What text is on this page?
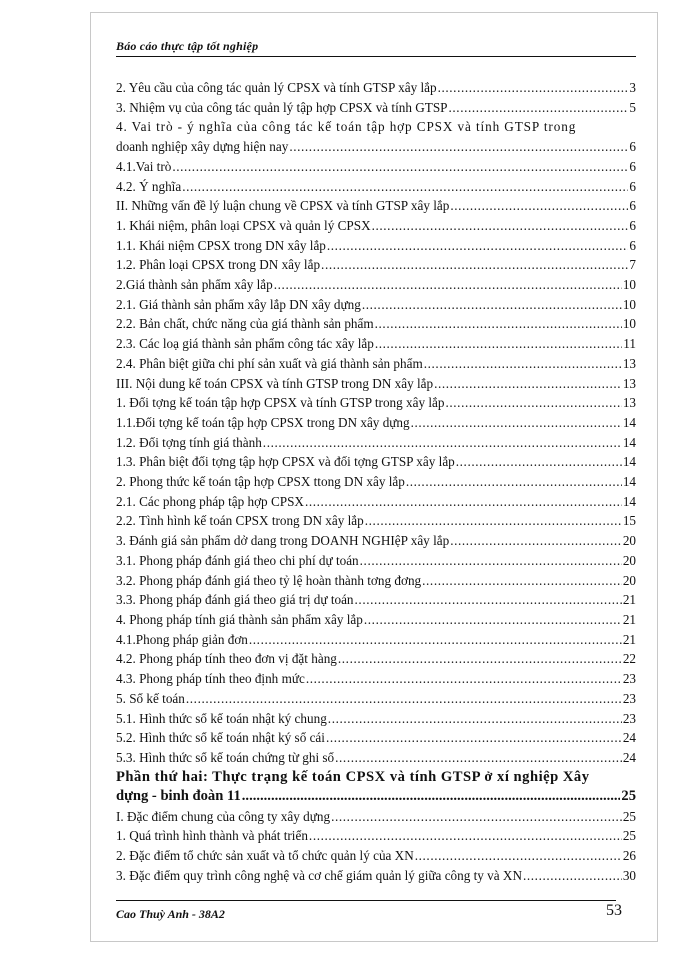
Báo cáo thực tập tốt nghiệp
2. Yêu cầu của công tác quản lý CPSX và tính GTSP xây lắp .....	3
3. Nhiệm vụ của công tác quản lý tập hợp CPSX và tính GTSP .....	5
4. Vai trò - ý nghĩa của công tác kế toán tập hợp CPSX và tính GTSP trong
doanh nghiệp xây dựng hiện nay .....	6
4.1.Vai trò .....	6
4.2. Ý nghĩa .....	6
II. Những vấn đề lý luận chung về CPSX và tính GTSP xây lắp .....	6
1. Khái niệm, phân loại CPSX và quản lý CPSX .....	6
1.1. Khái niệm CPSX trong DN xây lắp .....	6
1.2. Phân loại CPSX trong DN xây lắp .....	7
2.Giá thành sản phẩm xây lắp .....	10
2.1. Giá thành sản phẩm xây lắp DN xây dựng .....	10
2.2. Bản chất, chức năng của giá thành sản phẩm .....	10
2.3. Các loạ giá thành sản phẩm công tác xây lắp .....	11
2.4. Phân biệt giữa chi phí sản xuất và giá thành sản phẩm .....	13
III. Nội dung kế toán CPSX và tính GTSP trong DN xây lắp .....	13
1. Đối tợng kế toán tập hợp CPSX và tính GTSP trong xây lắp .....	13
1.1.Đối tợng kế toán tập hợp CPSX trong DN xây dựng .....	14
1.2. Đối tợng tính giá thành .....	14
1.3. Phân biệt đối tợng tập hợp CPSX và đối tợng GTSP xây lắp .....	14
2. Phong thức kế toán tập hợp CPSX ttong DN xây lắp .....	14
2.1. Các phong pháp tập hợp CPSX .....	14
2.2. Tình hình kế toán CPSX trong DN xây lắp .....	15
3. Đánh giá sản phẩm dở dang trong DOANH NGHIệP xây lắp .....	20
3.1. Phong pháp đánh giá theo chi phí dự toán .....	20
3.2. Phong pháp đánh giá theo tỷ lệ hoàn thành tơng đơng .....	20
3.3. Phong pháp đánh giá theo giá trị dự toán .....	21
4. Phong pháp tính giá thành sản phẩm xây lắp .....	21
4.1.Phong pháp giản đơn .....	21
4.2. Phong pháp tính theo đơn vị đặt hàng .....	22
4.3. Phong pháp tính theo định mức .....	23
5. Sổ kế toán .....	23
5.1. Hình thức sổ kế toán nhật ký chung .....	23
5.2. Hình thức sổ kế toán nhật ký sổ cái .....	24
5.3. Hình thức sổ kế toán chứng từ ghi sổ .....	24
Phần thứ hai: Thực trạng kế toán CPSX và tính GTSP ở xí nghiệp Xây
dựng - binh đoàn 11 .....	25
I. Đặc điểm chung của công ty xây dựng .....	25
1. Quá trình hình thành và phát triển .....	25
2. Đặc điểm tổ chức sản xuất và tổ chức quản lý của XN .....	26
3. Đặc điểm quy trình công nghệ và cơ chế giám quản lý giữa công ty và XN .....	30
Cao Thuỳ Anh - 38A2	53
